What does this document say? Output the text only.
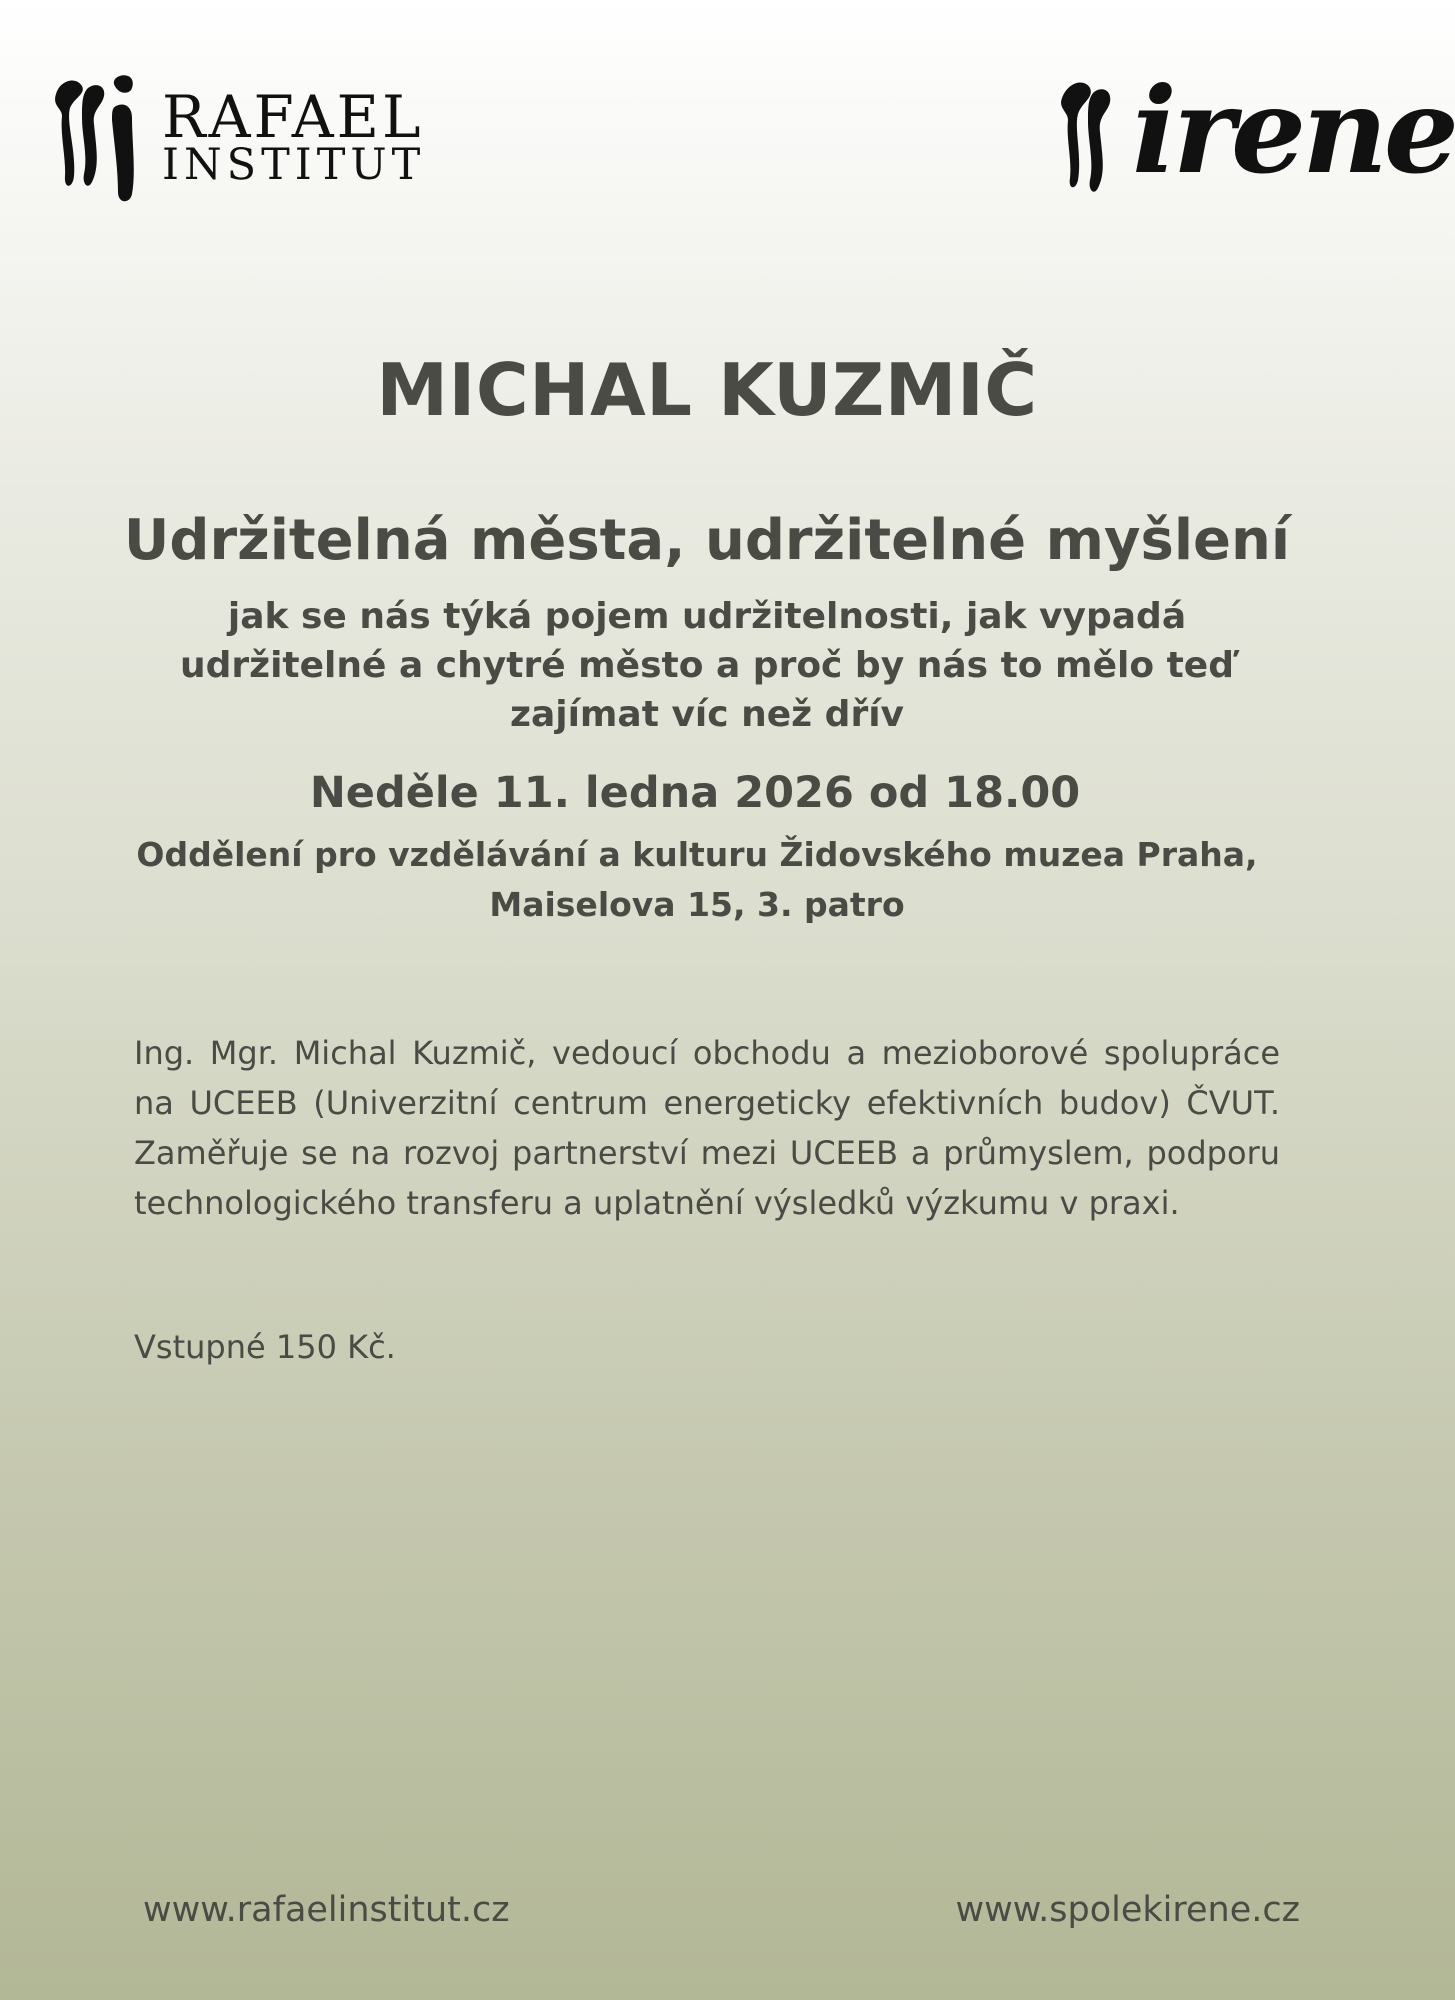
RAFAEL
INSTITUT	irene
MICHAL KUZMIČ
Udržitelná města, udržitelné myšlení

jak se nás týká pojem udržitelnosti, jak vypadá udržitelné a chytré město a proč by nás to mělo teď zajímat víc než dřív

Neděle 11. ledna 2026 od 18.00

Oddělení pro vzdělávání a kulturu Židovského muzea Praha, Maiselova 15, 3. patro

Ing. Mgr. Michal Kuzmič, vedoucí obchodu a mezioborové spolupráce na UCEEB (Univerzitní centrum energeticky efektivních budov) ČVUT. Zaměřuje se na rozvoj partnerství mezi UCEEB a průmyslem, podporu technologického transferu a uplatnění výsledků výzkumu v praxi.

Vstupné 150 Kč.

www.rafaelinstitut.cz	www.spolekirene.cz
